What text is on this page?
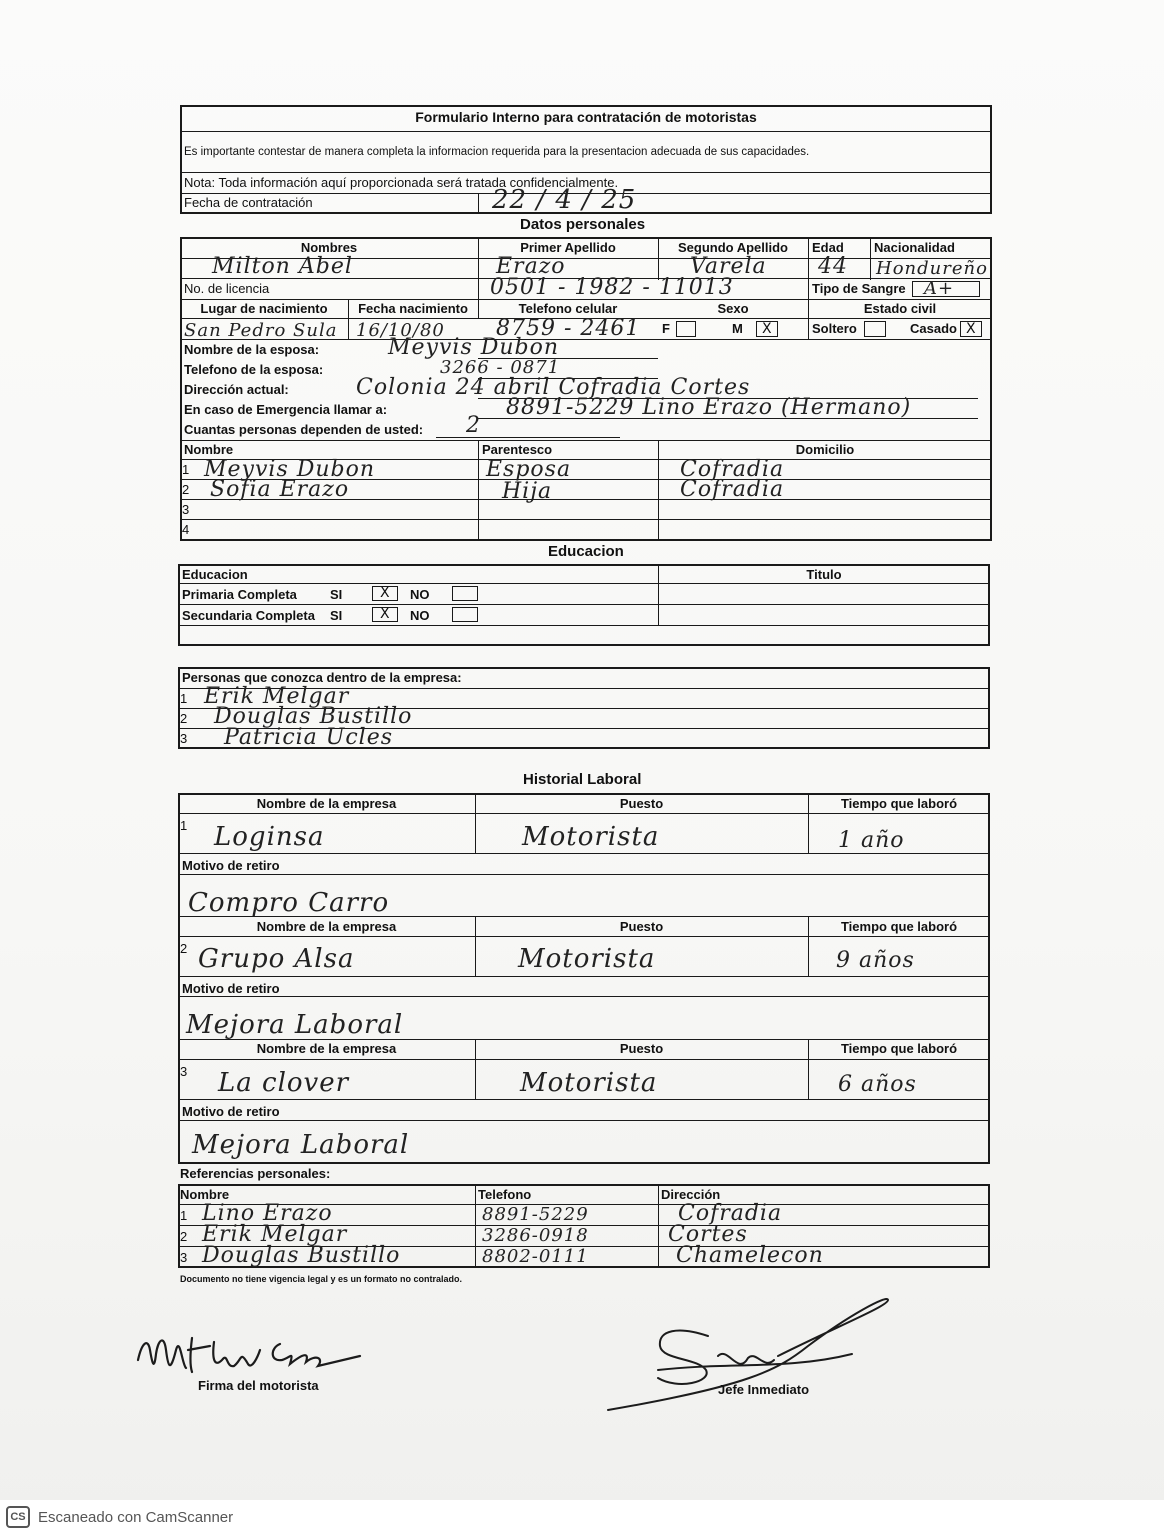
Formulario Interno para contratación de motoristas
Es importante contestar de manera completa la informacion requerida para la presentacion adecuada de sus capacidades.
Nota: Toda información aquí proporcionada será tratada confidencialmente.
Fecha de contratación	22 / 4 / 25
Datos personales
Nombres	Primer Apellido	Segundo Apellido	Edad Nacionalidad
Milton Abel	Erazo	Varela 44 Hondureño
No. de licencia	0501 - 1982 - 11013	Tipo de Sangre A+
Lugar de nacimiento	Fecha nacimiento	Telefono celular	Sexo	Estado civil
San Pedro Sula 16/10/80 8759 - 2461 F	M X	Soltero	Casado X
Nombre de la esposa:	Meyvis Dubon
Telefono de la esposa:	3266 - 0871
Dirección actual:	Colonia 24 abril Cofradia Cortes
En caso de Emergencia llamar a:	8891-5229 Lino Erazo (Hermano)
Cuantas personas dependen de usted: 2
Nombre	Parentesco	Domicilio
1 Meyvis Dubon	Esposa	Cofradia
2 Sofia Erazo	Hija	Cofradia
3
4
Educacion
Educacion	Titulo
Primaria Completa	SI	X NO
Secundaria Completa SI	X NO
Personas que conozca dentro de la empresa:
1 Erik Melgar
2 Douglas Bustillo
3 Patricia Ucles
Historial Laboral
Nombre de la empresa	Puesto	Tiempo que laboró
1 Loginsa	Motorista	1 año
Motivo de retiro
Compro Carro
Nombre de la empresa	Puesto	Tiempo que laboró
2 Grupo Alsa	Motorista	9 años
Motivo de retiro
Mejora Laboral
Nombre de la empresa	Puesto	Tiempo que laboró
3 La clover	Motorista	6 años
Motivo de retiro
Mejora Laboral
Referencias personales:
Nombre	Telefono	Dirección
1 Lino Erazo	8891-5229	Cofradia
2 Erik Melgar	3286-0918	Cortes
3 Douglas Bustillo	8802-0111	Chamelecon
Documento no tiene vigencia legal y es un formato no contralado.
Firma del motorista	Jefe Inmediato
CS Escaneado con CamScanner
